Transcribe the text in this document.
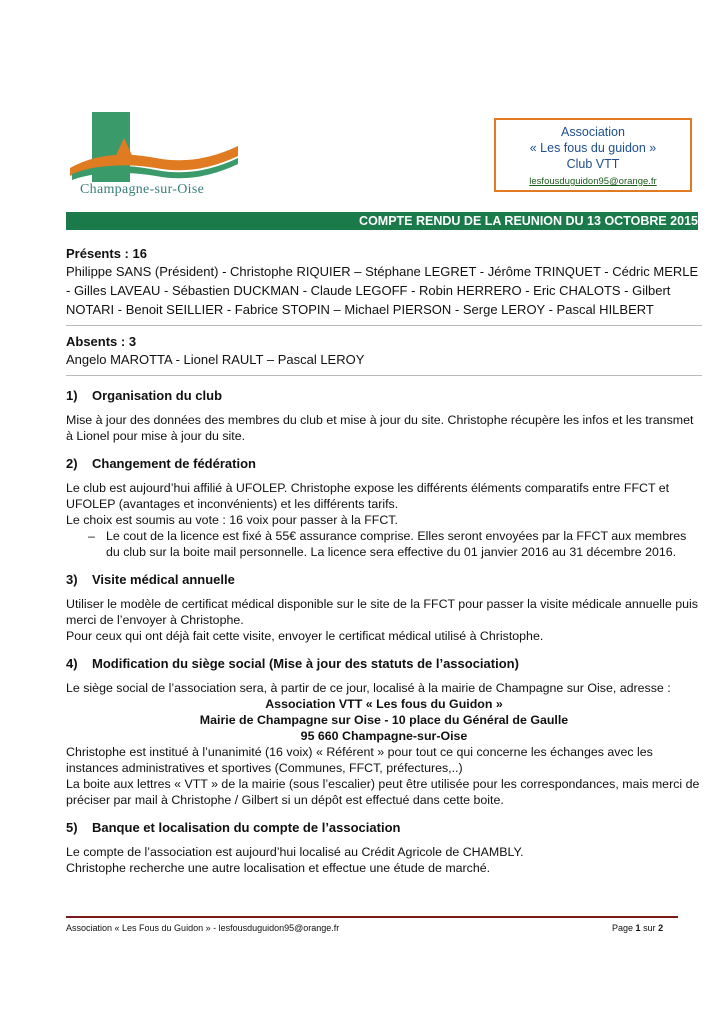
Champagne-sur-Oise
Association
« Les fous du guidon »
Club VTT
lesfousduguidon95@orange.fr
COMPTE RENDU DE LA REUNION DU 13 OCTOBRE 2015
Présents : 16
Philippe SANS (Président) - Christophe RIQUIER – Stéphane LEGRET - Jérôme TRINQUET - Cédric MERLE - Gilles LAVEAU - Sébastien DUCKMAN - Claude LEGOFF - Robin HERRERO - Eric CHALOTS - Gilbert NOTARI - Benoit SEILLIER - Fabrice STOPIN – Michael PIERSON - Serge LEROY - Pascal HILBERT
Absents : 3
Angelo MAROTTA - Lionel RAULT – Pascal LEROY
1) Organisation du club

Mise à jour des données des membres du club et mise à jour du site. Christophe récupère les infos et les transmet à Lionel pour mise à jour du site.

2) Changement de fédération

Le club est aujourd’hui affilié à UFOLEP. Christophe expose les différents éléments comparatifs entre FFCT et UFOLEP (avantages et inconvénients) et les différents tarifs.

Le choix est soumis au vote : 16 voix pour passer à la FFCT.

– Le cout de la licence est fixé à 55€ assurance comprise. Elles seront envoyées par la FFCT aux membres du club sur la boite mail personnelle. La licence sera effective du 01 janvier 2016 au 31 décembre 2016.
3) Visite médical annuelle

Utiliser le modèle de certificat médical disponible sur le site de la FFCT pour passer la visite médicale annuelle puis merci de l’envoyer à Christophe.

Pour ceux qui ont déjà fait cette visite, envoyer le certificat médical utilisé à Christophe.

4) Modification du siège social (Mise à jour des statuts de l’association)

Le siège social de l’association sera, à partir de ce jour, localisé à la mairie de Champagne sur Oise, adresse :

Association VTT « Les fous du Guidon »

Mairie de Champagne sur Oise - 10 place du Général de Gaulle

95 660 Champagne-sur-Oise

Christophe est institué à l’unanimité (16 voix) « Référent » pour tout ce qui concerne les échanges avec les instances administratives et sportives (Communes, FFCT, préfectures,..)

La boite aux lettres « VTT » de la mairie (sous l’escalier) peut être utilisée pour les correspondances, mais merci de préciser par mail à Christophe / Gilbert si un dépôt est effectué dans cette boite.

5) Banque et localisation du compte de l’association

Le compte de l’association est aujourd’hui localisé au Crédit Agricole de CHAMBLY.

Christophe recherche une autre localisation et effectue une étude de marché.

Association « Les Fous du Guidon » - lesfousduguidon95@orange.fr	Page 1 sur 2
